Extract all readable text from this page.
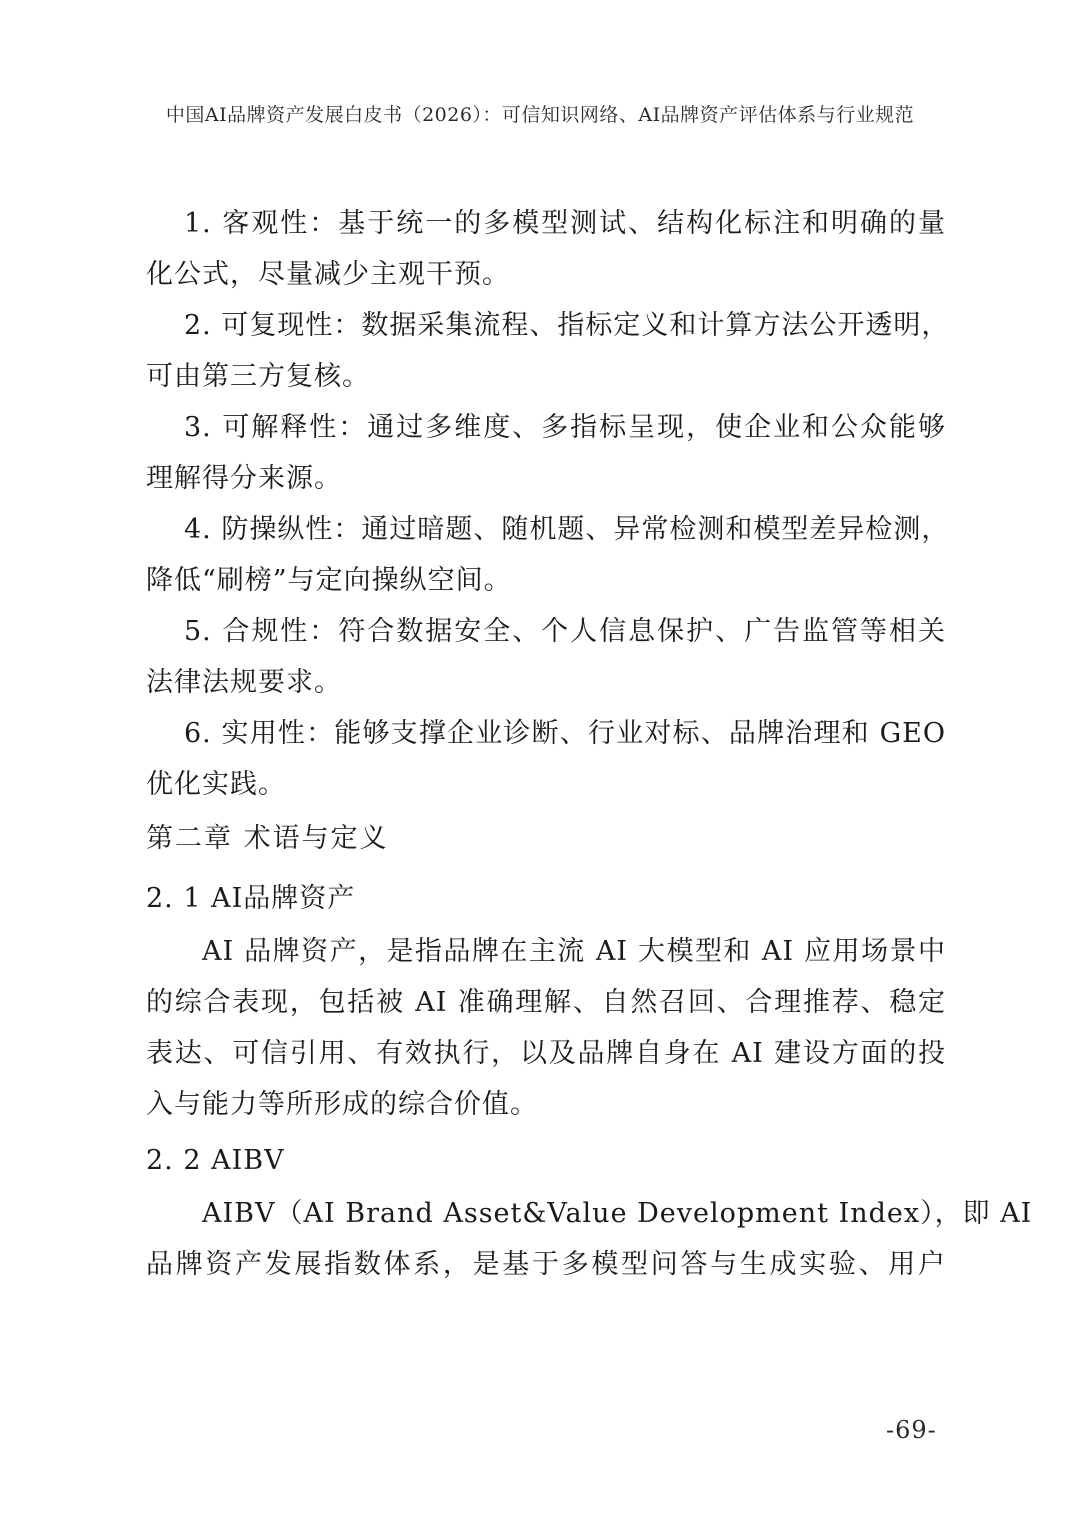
中国AI品牌资产发展白皮书（2026）：可信知识网络、AI品牌资产评估体系与行业规范
1. 客观性：基于统一的多模型测试、结构化标注和明确的量
化公式，尽量减少主观干预。
2. 可复现性：数据采集流程、指标定义和计算方法公开透明，
可由第三方复核。
3. 可解释性：通过多维度、多指标呈现，使企业和公众能够
理解得分来源。
4. 防操纵性：通过暗题、随机题、异常检测和模型差异检测，
降低“刷榜”与定向操纵空间。
5. 合规性：符合数据安全、个人信息保护、广告监管等相关
法律法规要求。
6. 实用性：能够支撑企业诊断、行业对标、品牌治理和 GEO
优化实践。
第二章 术语与定义
2. 1 AI品牌资产
AI 品牌资产，是指品牌在主流 AI 大模型和 AI 应用场景中
的综合表现，包括被 AI 准确理解、自然召回、合理推荐、稳定
表达、可信引用、有效执行，以及品牌自身在 AI 建设方面的投
入与能力等所形成的综合价值。
2. 2 AIBV
AIBV（AI Brand Asset&Value Development Index），即 AI
品牌资产发展指数体系，是基于多模型问答与生成实验、用户
-69-
